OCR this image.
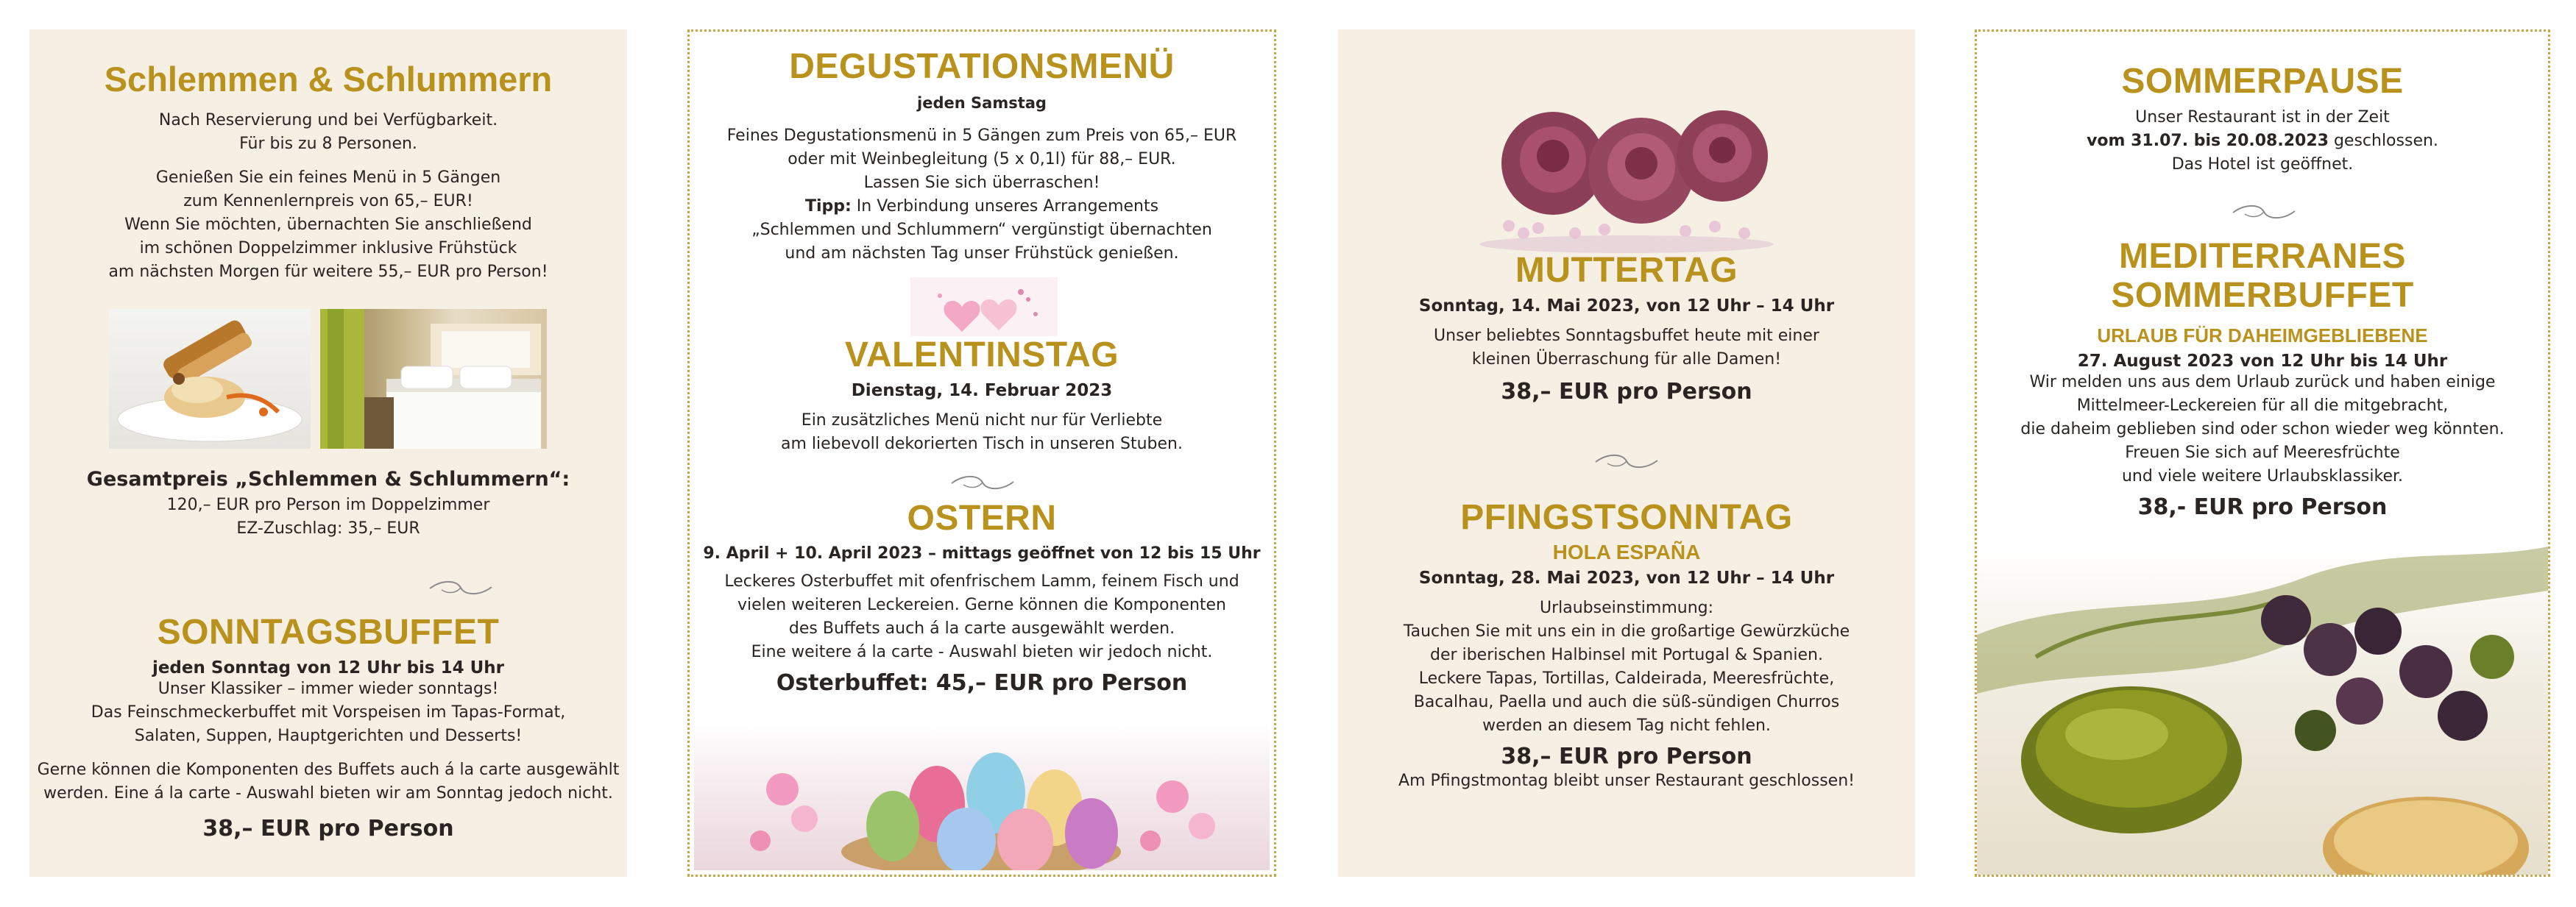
Schlemmen & Schlummern

Nach Reservierung und bei Verfügbarkeit.

Für bis zu 8 Personen.

Genießen Sie ein feines Menü in 5 Gängen

zum Kennenlernpreis von 65,– EUR!

Wenn Sie möchten, übernachten Sie anschließend

im schönen Doppelzimmer inklusive Frühstück

am nächsten Morgen für weitere 55,– EUR pro Person!

Gesamtpreis „Schlemmen & Schlummern“:

120,– EUR pro Person im Doppelzimmer

EZ-Zuschlag: 35,– EUR

SONNTAGSBUFFET

jeden Sonntag von 12 Uhr bis 14 Uhr

Unser Klassiker – immer wieder sonntags!

Das Feinschmeckerbuffet mit Vorspeisen im Tapas-Format,

Salaten, Suppen, Hauptgerichten und Desserts!

Gerne können die Komponenten des Buffets auch á la carte ausgewählt

werden. Eine á la carte - Auswahl bieten wir am Sonntag jedoch nicht.

38,– EUR pro Person

DEGUSTATIONSMENÜ

jeden Samstag

Feines Degustationsmenü in 5 Gängen zum Preis von 65,– EUR

oder mit Weinbegleitung (5 x 0,1l) für 88,– EUR.

Lassen Sie sich überraschen!

Tipp: In Verbindung unseres Arrangements

„Schlemmen und Schlummern“ vergünstigt übernachten

und am nächsten Tag unser Frühstück genießen.

VALENTINSTAG

Dienstag, 14. Februar 2023

Ein zusätzliches Menü nicht nur für Verliebte

am liebevoll dekorierten Tisch in unseren Stuben.

OSTERN

9. April + 10. April 2023 – mittags geöffnet von 12 bis 15 Uhr

Leckeres Osterbuffet mit ofenfrischem Lamm, feinem Fisch und

vielen weiteren Leckereien. Gerne können die Komponenten

des Buffets auch á la carte ausgewählt werden.

Eine weitere á la carte - Auswahl bieten wir jedoch nicht.

Osterbuffet: 45,– EUR pro Person

MUTTERTAG

Sonntag, 14. Mai 2023, von 12 Uhr – 14 Uhr

Unser beliebtes Sonntagsbuffet heute mit einer

kleinen Überraschung für alle Damen!

38,– EUR pro Person

PFINGSTSONNTAG

HOLA ESPAÑA

Sonntag, 28. Mai 2023, von 12 Uhr – 14 Uhr

Urlaubseinstimmung:

Tauchen Sie mit uns ein in die großartige Gewürzküche

der iberischen Halbinsel mit Portugal & Spanien.

Leckere Tapas, Tortillas, Caldeirada, Meeresfrüchte,

Bacalhau, Paella und auch die süß-sündigen Churros

werden an diesem Tag nicht fehlen.

38,– EUR pro Person

Am Pfingstmontag bleibt unser Restaurant geschlossen!

SOMMERPAUSE

Unser Restaurant ist in der Zeit

vom 31.07. bis 20.08.2023 geschlossen.

Das Hotel ist geöffnet.

MEDITERRANES
SOMMERBUFFET

URLAUB FÜR DAHEIMGEBLIEBENE

27. August 2023 von 12 Uhr bis 14 Uhr

Wir melden uns aus dem Urlaub zurück und haben einige

Mittelmeer-Leckereien für all die mitgebracht,

die daheim geblieben sind oder schon wieder weg könnten.

Freuen Sie sich auf Meeresfrüchte

und viele weitere Urlaubsklassiker.

38,- EUR pro Person
